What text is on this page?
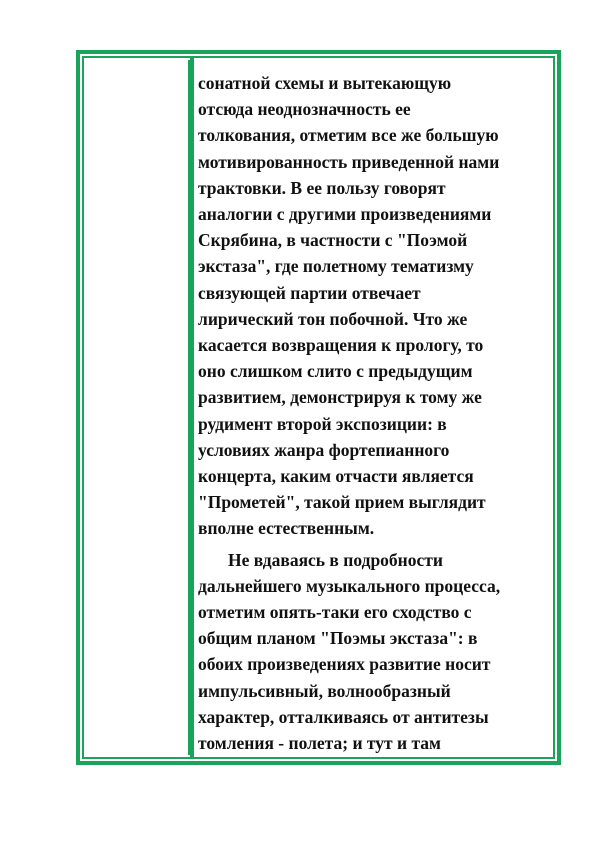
сонатной схемы и вытекающую
отсюда неоднозначность ее
толкования, отметим все же большую
мотивированность приведенной нами
трактовки. В ее пользу говорят
аналогии с другими произведениями
Скрябина, в частности с "Поэмой
экстаза", где полетному тематизму
связующей партии отвечает
лирический тон побочной. Что же
касается возвращения к прологу, то
оно слишком слито с предыдущим
развитием, демонстрируя к тому же
рудимент второй экспозиции: в
условиях жанра фортепианного
концерта, каким отчасти является
"Прометей", такой прием выглядит
вполне естественным.
Не вдаваясь в подробности
дальнейшего музыкального процесса,
отметим опять-таки его сходство с
общим планом "Поэмы экстаза": в
обоих произведениях развитие носит
импульсивный, волнообразный
характер, отталкиваясь от антитезы
томления - полета; и тут и там
